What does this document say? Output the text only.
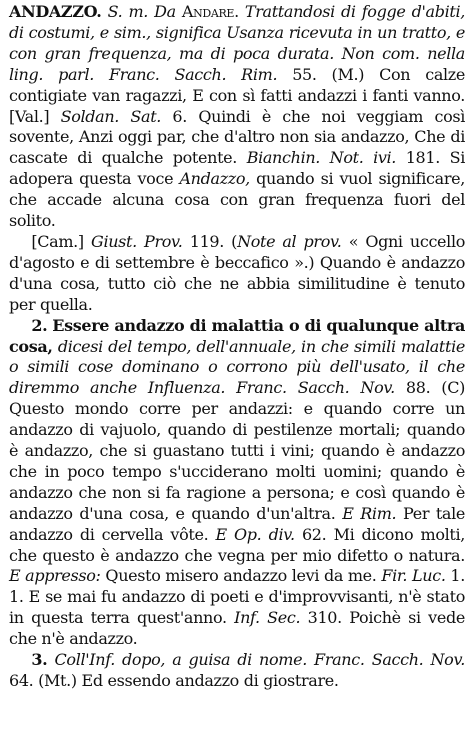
ANDAZZO. S. m. Da Andare. Trattandosi di fogge d'abiti, di costumi, e sim., significa Usanza ricevuta in un tratto, e con gran frequenza, ma di poca durata. Non com. nella ling. parl. Franc. Sacch. Rim. 55. (M.) Con calze contigiate van ragazzi, E con sì fatti andazzi i fanti vanno. [Val.] Soldan. Sat. 6. Quindi è che noi veggiam così sovente, Anzi oggi par, che d'altro non sia andazzo, Che di cascate di qualche potente. Bianchin. Not. ivi. 181. Si adopera questa voce Andazzo, quando si vuol significare, che accade alcuna cosa con gran frequenza fuori del solito.

[Cam.] Giust. Prov. 119. (Note al prov. « Ogni uccello d'agosto e di settembre è beccafico ».) Quando è andazzo d'una cosa, tutto ciò che ne abbia similitudine è tenuto per quella.

2. Essere andazzo di malattia o di qualunque altra cosa, dicesi del tempo, dell'annuale, in che simili malattie o simili cose dominano o corrono più dell'usato, il che diremmo anche Influenza. Franc. Sacch. Nov. 88. (C) Questo mondo corre per andazzi: e quando corre un andazzo di vajuolo, quando di pestilenze mortali; quando è andazzo, che si guastano tutti i vini; quando è andazzo che in poco tempo s'ucciderano molti uomini; quando è andazzo che non si fa ragione a persona; e così quando è andazzo d'una cosa, e quando d'un'altra. E Rim. Per tale andazzo di cervella vôte. E Op. div. 62. Mi dicono molti, che questo è andazzo che vegna per mio difetto o natura. E appresso: Questo misero andazzo levi da me. Fir. Luc. 1. 1. E se mai fu andazzo di poeti e d'improvvisanti, n'è stato in questa terra quest'anno. Inf. Sec. 310. Poichè si vede che n'è andazzo.

3. Coll'Inf. dopo, a guisa di nome. Franc. Sacch. Nov. 64. (Mt.) Ed essendo andazzo di giostrare.
